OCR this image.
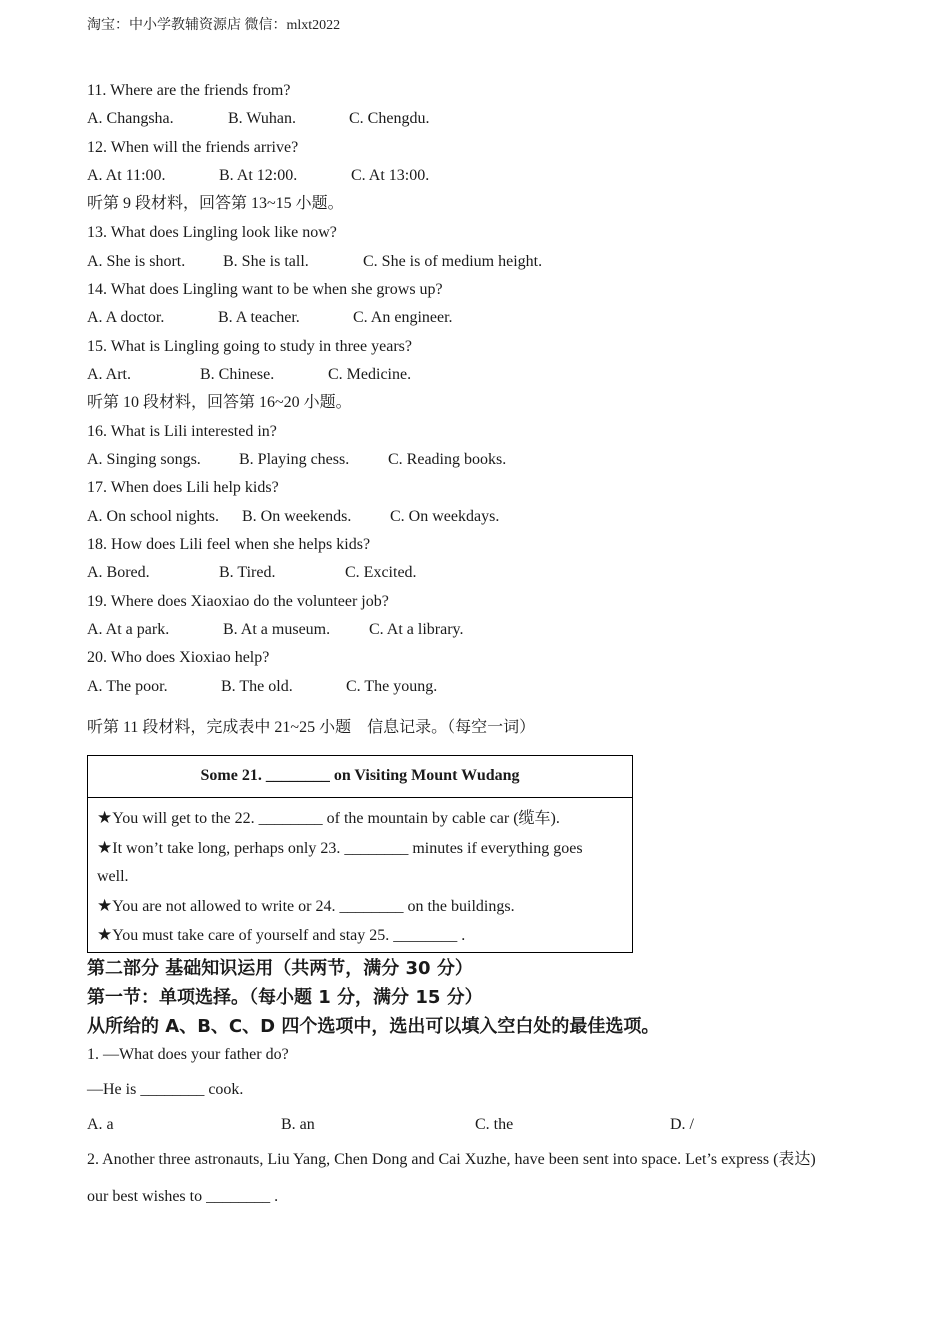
淘宝：中小学教辅资源店 微信：mlxt2022
11. Where are the friends from?
A. Changsha.	B. Wuhan.	C. Chengdu.
12. When will the friends arrive?
A. At 11:00.	B. At 12:00.	C. At 13:00.
听第 9 段材料，回答第 13~15 小题。
13. What does Lingling look like now?
A. She is short. B. She is tall.	C. She is of medium height.
14. What does Lingling want to be when she grows up?
A. A doctor.	B. A teacher.	C. An engineer.
15. What is Lingling going to study in three years?
A. Art.	B. Chinese.	C. Medicine.
听第 10 段材料，回答第 16~20 小题。
16. What is Lili interested in?
A. Singing songs. B. Playing chess. C. Reading books.
17. When does Lili help kids?
A. On school nights. B. On weekends. C. On weekdays.
18. How does Lili feel when she helps kids?
A. Bored.	B. Tired.	C. Excited.
19. Where does Xiaoxiao do the volunteer job?
A. At a park.	B. At a museum. C. At a library.
20. Who does Xioxiao help?
A. The poor.	B. The old.	C. The young.
听第 11 段材料，完成表中 21~25 小题　信息记录。（每空一词）
Some 21. ________ on Visiting Mount Wudang

★You will get to the 22. ________ of the mountain by cable car (缆车).

★It won’t take long, perhaps only 23. ________ minutes if everything goes well.

★You are not allowed to write or 24. ________ on the buildings.

★You must take care of yourself and stay 25. ________ .

第二部分 基础知识运用（共两节，满分 30 分）
第一节：单项选择。（每小题 1 分，满分 15 分）
从所给的 A、B、C、D 四个选项中，选出可以填入空白处的最佳选项。
1. —What does your father do?
—He is ________ cook.
A. a	B. an	C. the	D. /
2. Another three astronauts, Liu Yang, Chen Dong and Cai Xuzhe, have been sent into space. Let’s express (表达)
our best wishes to ________ .
